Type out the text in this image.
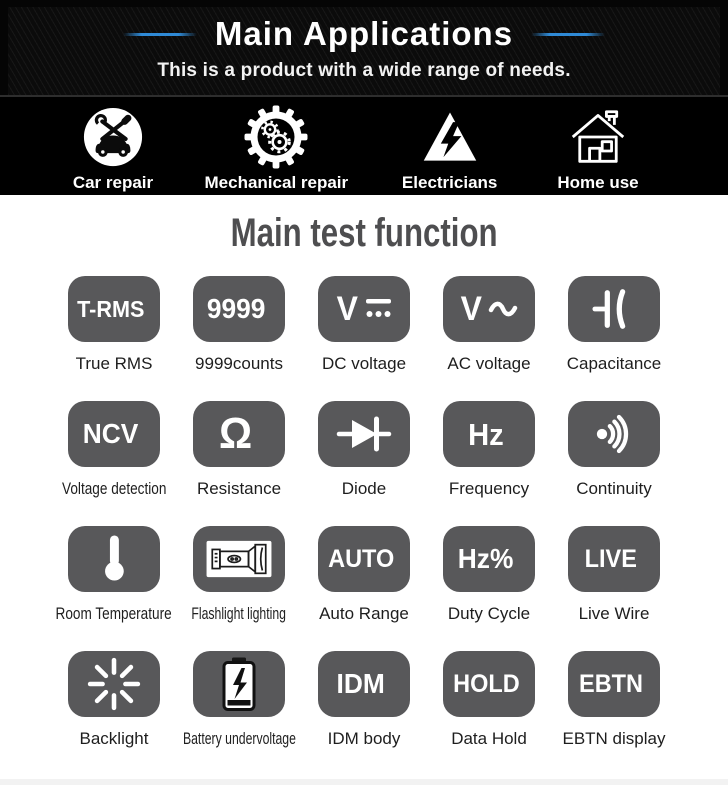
Main Applications

This is a product with a wide range of needs.

Car repair	Mechanical repair	Electricians	Home use
Main test function
T-RMS
True RMS
9999
9999counts
V
DC voltage
V
AC voltage Capacitance
NCV
Voltage detection
Ω
Resistance	Diode
Hz
Frequency	Continuity
Room Temperature Flashlight lighting
AUTO
Auto Range
Hz%
Duty Cycle
LIVE
Live Wire
Backlight Battery undervoltage
IDM
IDM body
HOLD
Data Hold
EBTN
EBTN display
